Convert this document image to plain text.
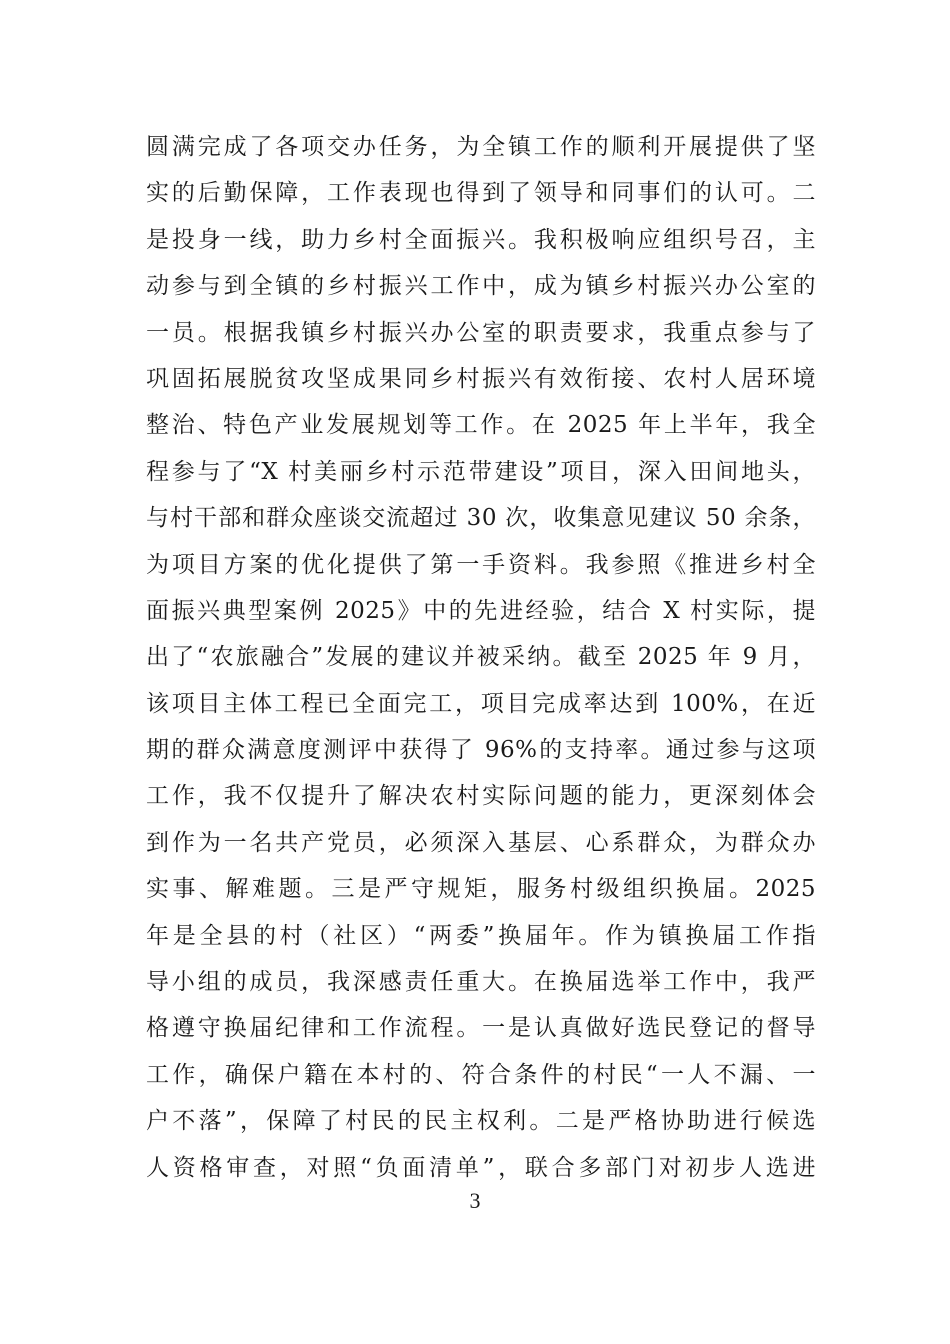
圆满完成了各项交办任务，为全镇工作的顺利开展提供了坚
实的后勤保障，工作表现也得到了领导和同事们的认可。二
是投身一线，助力乡村全面振兴。我积极响应组织号召，主
动参与到全镇的乡村振兴工作中，成为镇乡村振兴办公室的
一员。根据我镇乡村振兴办公室的职责要求，我重点参与了
巩固拓展脱贫攻坚成果同乡村振兴有效衔接、农村人居环境
整治、特色产业发展规划等工作。在 2025 年上半年，我全
程参与了“X 村美丽乡村示范带建设”项目，深入田间地头，
与村干部和群众座谈交流超过 30 次，收集意见建议 50 余条，
为项目方案的优化提供了第一手资料。我参照《推进乡村全
面振兴典型案例 2025》中的先进经验，结合 X 村实际，提
出了“农旅融合”发展的建议并被采纳。截至 2025 年 9 月，
该项目主体工程已全面完工，项目完成率达到 100%，在近
期的群众满意度测评中获得了 96%的支持率。通过参与这项
工作，我不仅提升了解决农村实际问题的能力，更深刻体会
到作为一名共产党员，必须深入基层、心系群众，为群众办
实事、解难题。三是严守规矩，服务村级组织换届。2025
年是全县的村（社区）“两委”换届年。作为镇换届工作指
导小组的成员，我深感责任重大。在换届选举工作中，我严
格遵守换届纪律和工作流程。一是认真做好选民登记的督导
工作，确保户籍在本村的、符合条件的村民“一人不漏、一
户不落”，保障了村民的民主权利。二是严格协助进行候选
人资格审查，对照“负面清单”，联合多部门对初步人选进
3
